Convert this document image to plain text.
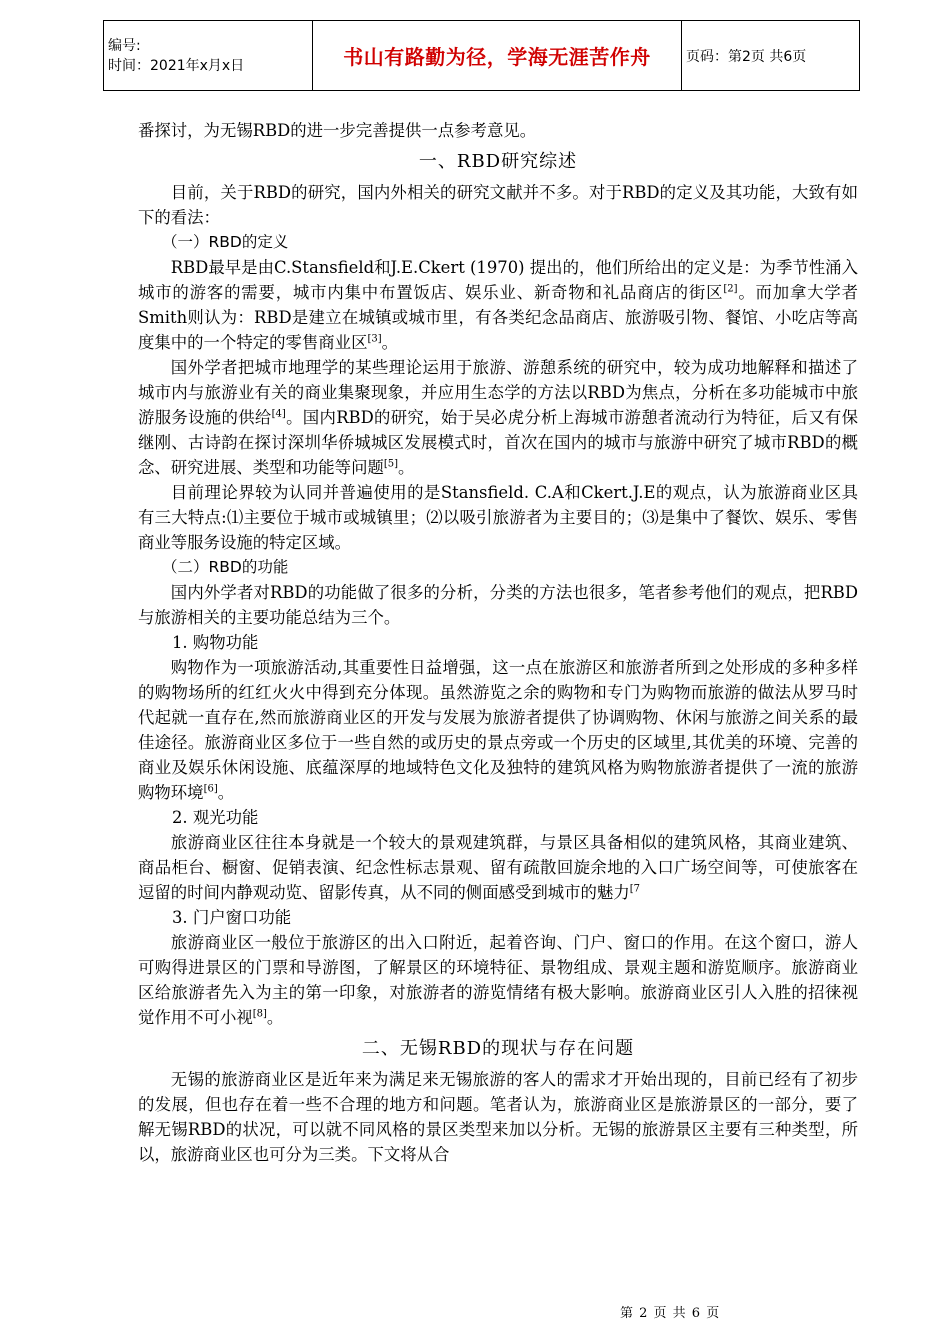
编号:
时间：2021年x月x日	书山有路勤为径，学海无涯苦作舟	页码：第2页 共6页

番探讨，为无锡RBD的进一步完善提供一点参考意见。

一、RBD研究综述

目前，关于RBD的研究，国内外相关的研究文献并不多。对于RBD的定义及其功能，大致有如下的看法：

（一）RBD的定义

RBD最早是由C.Stansfield和J.E.Ckert (1970) 提出的，他们所给出的定义是：为季节性涌入城市的游客的需要，城市内集中布置饭店、娱乐业、新奇物和礼品商店的街区[2]。而加拿大学者Smith则认为：RBD是建立在城镇或城市里，有各类纪念品商店、旅游吸引物、餐馆、小吃店等高度集中的一个特定的零售商业区[3]。

国外学者把城市地理学的某些理论运用于旅游、游憩系统的研究中，较为成功地解释和描述了城市内与旅游业有关的商业集聚现象，并应用生态学的方法以RBD为焦点，分析在多功能城市中旅游服务设施的供给[4]。国内RBD的研究，始于吴必虎分析上海城市游憩者流动行为特征，后又有保继刚、古诗韵在探讨深圳华侨城城区发展模式时，首次在国内的城市与旅游中研究了城市RBD的概念、研究进展、类型和功能等问题[5]。

目前理论界较为认同并普遍使用的是Stansfield. C.A和Ckert.J.E的观点，认为旅游商业区具有三大特点:⑴主要位于城市或城镇里；⑵以吸引旅游者为主要目的；⑶是集中了餐饮、娱乐、零售商业等服务设施的特定区域。

（二）RBD的功能

国内外学者对RBD的功能做了很多的分析，分类的方法也很多，笔者参考他们的观点，把RBD与旅游相关的主要功能总结为三个。

1. 购物功能

购物作为一项旅游活动,其重要性日益增强，这一点在旅游区和旅游者所到之处形成的多种多样的购物场所的红红火火中得到充分体现。虽然游览之余的购物和专门为购物而旅游的做法从罗马时代起就一直存在,然而旅游商业区的开发与发展为旅游者提供了协调购物、休闲与旅游之间关系的最佳途径。旅游商业区多位于一些自然的或历史的景点旁或一个历史的区域里,其优美的环境、完善的商业及娱乐休闲设施、底蕴深厚的地域特色文化及独特的建筑风格为购物旅游者提供了一流的旅游购物环境[6]。

2. 观光功能

旅游商业区往往本身就是一个较大的景观建筑群，与景区具备相似的建筑风格，其商业建筑、商品柜台、橱窗、促销表演、纪念性标志景观、留有疏散回旋余地的入口广场空间等，可使旅客在逗留的时间内静观动览、留影传真，从不同的侧面感受到城市的魅力$^{[7}$

3. 门户窗口功能

旅游商业区一般位于旅游区的出入口附近，起着咨询、门户、窗口的作用。在这个窗口，游人可购得进景区的门票和导游图，了解景区的环境特征、景物组成、景观主题和游览顺序。旅游商业区给旅游者先入为主的第一印象，对旅游者的游览情绪有极大影响。旅游商业区引人入胜的招徕视觉作用不可小视[8]。

二、无锡RBD的现状与存在问题

无锡的旅游商业区是近年来为满足来无锡旅游的客人的需求才开始出现的，目前已经有了初步的发展，但也存在着一些不合理的地方和问题。笔者认为，旅游商业区是旅游景区的一部分，要了解无锡RBD的状况，可以就不同风格的景区类型来加以分析。无锡的旅游景区主要有三种类型，所以，旅游商业区也可分为三类。下文将从合

第 2 页 共 6 页
